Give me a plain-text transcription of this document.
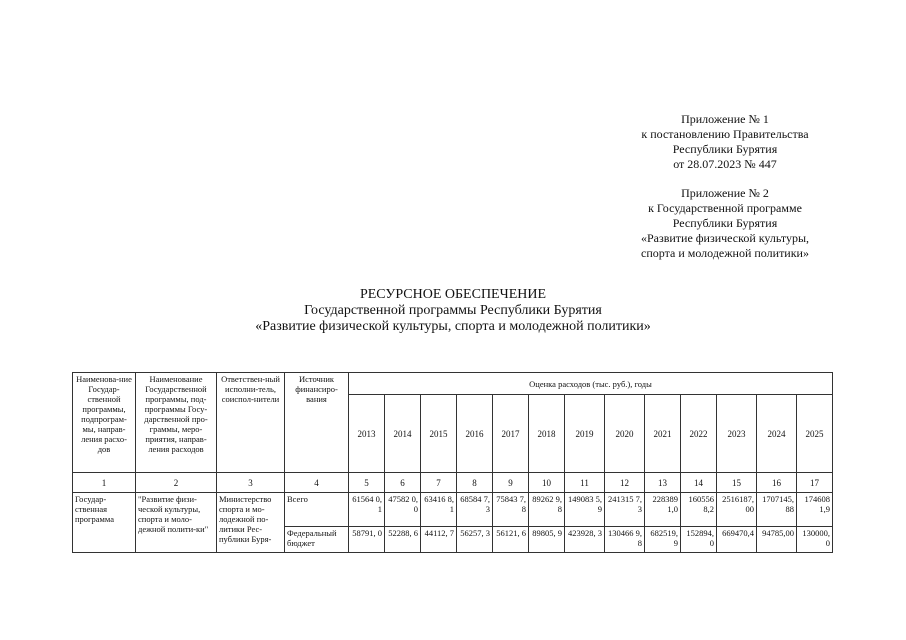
Приложение № 1
к постановлению Правительства
Республики Бурятия
от 28.07.2023 № 447
Приложение № 2
к Государственной программе
Республики Бурятия
«Развитие физической культуры,
спорта и молодежной политики»
РЕСУРСНОЕ ОБЕСПЕЧЕНИЕ
Государственной программы Республики Бурятия
«Развитие физической культуры, спорта и молодежной политики»
Наименова-ние Государ-ственной программы, подпрограм-мы, направ-ления расхо-дов	Наименование Государственной программы, под-программы Госу-дарственной про-граммы, меро-приятия, направ-ления расходов	Ответствен-ный исполни-тель, соиспол-нители	Источник финансиро-вания	Оценка расходов (тыс. руб.), годы												
				2013	2014	2015	2016	2017	2018	2019	2020	2021	2022	2023	2024	2025
1	2	3	4	5	6	7	8	9	10	11	12	13	14	15	16	17
Государ-ственная программа	"Развитие физи-ческой культуры, спорта и моло-дежной полити-ки"	Министерство спорта и мо-лодежной по-литики Рес-публики Буря-	Всего	61564 0,1	47582 0,0	63416 8,1	68584 7,3	75843 7,8	89262 9,8	149083 5,9	241315 7,3	228389 1,0	160556 8,2	2516187, 00	1707145, 88	174608 1,9
			Федеральный бюджет	58791, 0	52288, 6	44112, 7	56257, 3	56121, 6	89805, 9	423928, 3	130466 9,8	682519, 9	152894, 0	669470,4	94785,00	130000, 0
